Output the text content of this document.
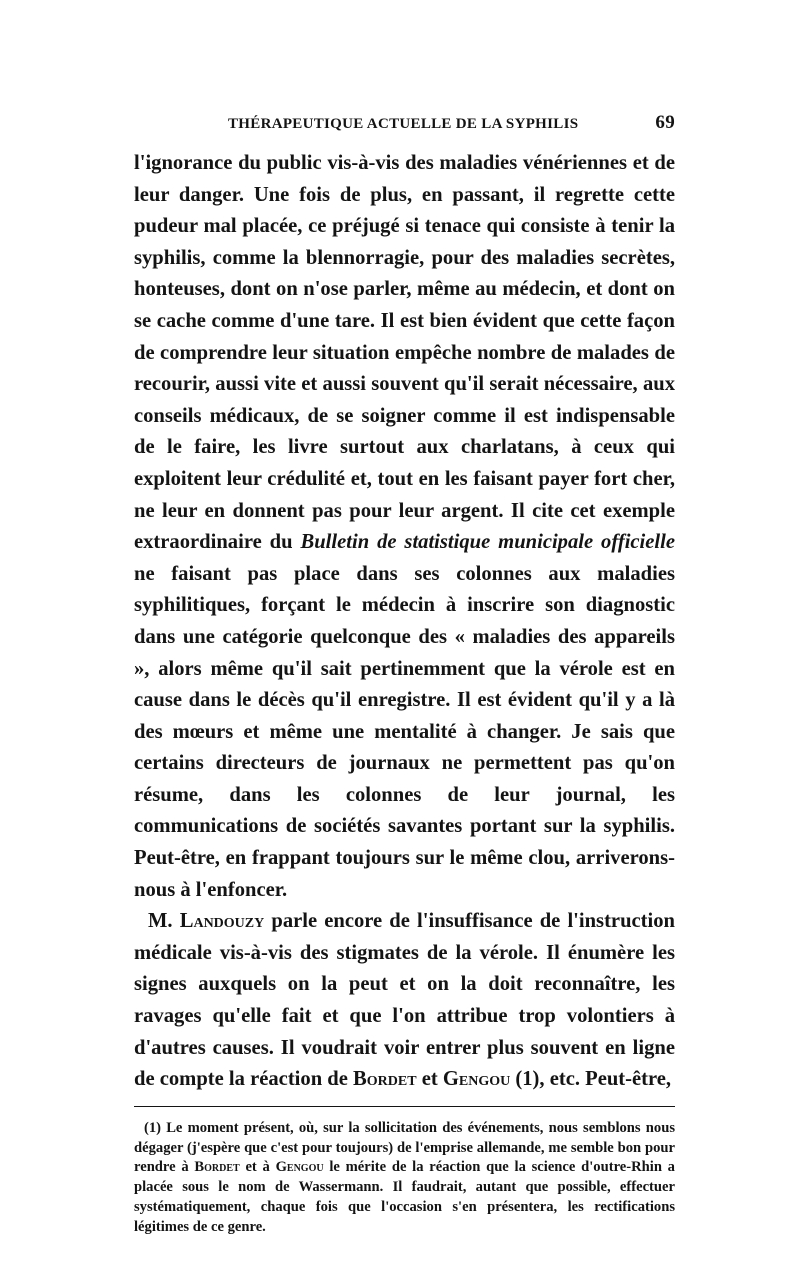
THÉRAPEUTIQUE ACTUELLE DE LA SYPHILIS	69

l'ignorance du public vis-à-vis des maladies vénériennes et de leur danger. Une fois de plus, en passant, il regrette cette pudeur mal placée, ce préjugé si tenace qui consiste à tenir la syphilis, comme la blennorragie, pour des maladies secrètes, honteuses, dont on n'ose parler, même au médecin, et dont on se cache comme d'une tare. Il est bien évident que cette façon de comprendre leur situation empêche nombre de malades de recourir, aussi vite et aussi souvent qu'il serait nécessaire, aux conseils médicaux, de se soigner comme il est indispensable de le faire, les livre surtout aux charlatans, à ceux qui exploitent leur crédulité et, tout en les faisant payer fort cher, ne leur en donnent pas pour leur argent. Il cite cet exemple extraordinaire du Bulletin de statistique municipale officielle ne faisant pas place dans ses colonnes aux maladies syphilitiques, forçant le médecin à inscrire son diagnostic dans une catégorie quelconque des « maladies des appareils », alors même qu'il sait pertinemment que la vérole est en cause dans le décès qu'il enregistre. Il est évident qu'il y a là des mœurs et même une mentalité à changer. Je sais que certains directeurs de journaux ne permettent pas qu'on résume, dans les colonnes de leur journal, les communications de sociétés savantes portant sur la syphilis. Peut-être, en frappant toujours sur le même clou, arriverons-nous à l'enfoncer.

M. Landouzy parle encore de l'insuffisance de l'instruction médicale vis-à-vis des stigmates de la vérole. Il énumère les signes auxquels on la peut et on la doit reconnaître, les ravages qu'elle fait et que l'on attribue trop volontiers à d'autres causes. Il voudrait voir entrer plus souvent en ligne de compte la réaction de Bordet et Gengou (1), etc. Peut-être,

(1) Le moment présent, où, sur la sollicitation des événements, nous semblons nous dégager (j'espère que c'est pour toujours) de l'emprise allemande, me semble bon pour rendre à Bordet et à Gengou le mérite de la réaction que la science d'outre-Rhin a placée sous le nom de Wassermann. Il faudrait, autant que possible, effectuer systématiquement, chaque fois que l'occasion s'en présentera, les rectifications légitimes de ce genre.
